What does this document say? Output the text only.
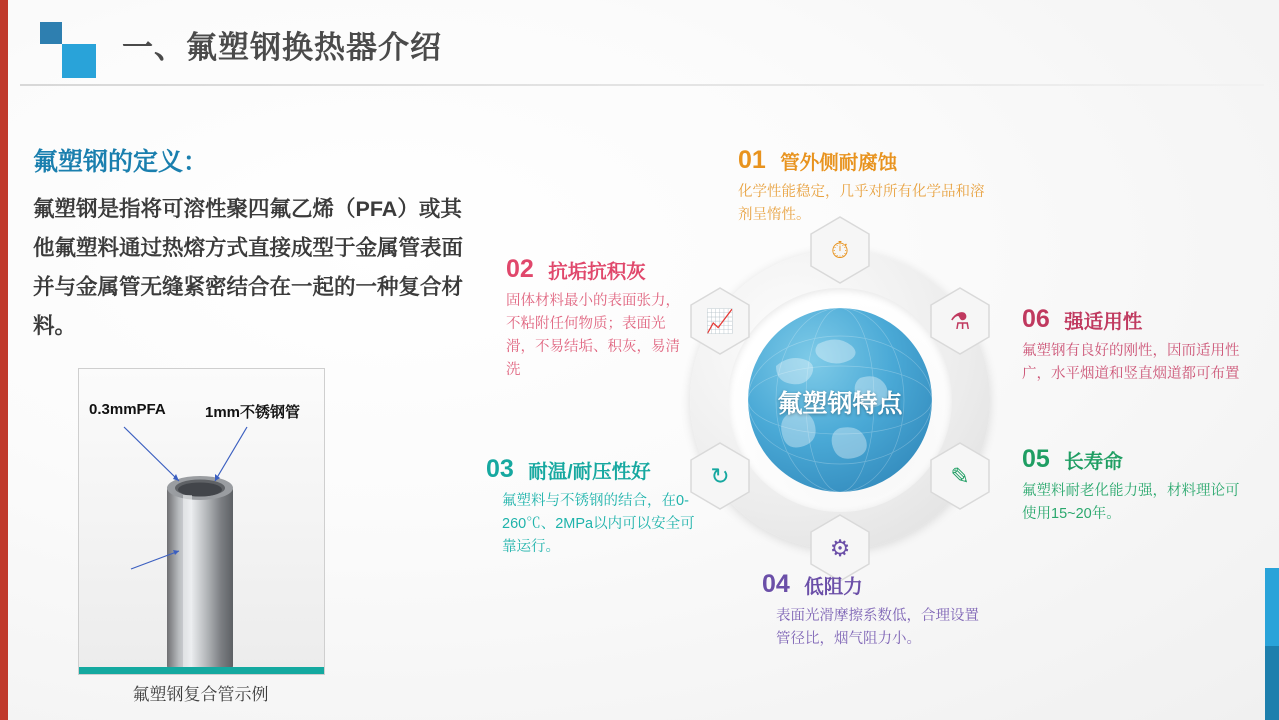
一、氟塑钢换热器介绍
氟塑钢的定义：
氟塑钢是指将可溶性聚四氟乙烯（PFA）或其他氟塑料通过热熔方式直接成型于金属管表面并与金属管无缝紧密结合在一起的一种复合材料。
0.3mmPFA	1mm不锈钢管
氟塑钢复合管示例
氟塑钢特点
⏱
📈
↻
⚙
✎
⚗
01 管外侧耐腐蚀
化学性能稳定，几乎对所有化学品和溶剂呈惰性。
02 抗垢抗积灰
固体材料最小的表面张力，不粘附任何物质；表面光滑，不易结垢、积灰，易清洗
03 耐温/耐压性好
氟塑料与不锈钢的结合，在0-260℃、2MPa以内可以安全可靠运行。
04 低阻力
表面光滑摩擦系数低，合理设置管径比，烟气阻力小。
05 长寿命
氟塑料耐老化能力强，材料理论可使用15~20年。
06 强适用性
氟塑钢有良好的刚性，因而适用性广，水平烟道和竖直烟道都可布置
